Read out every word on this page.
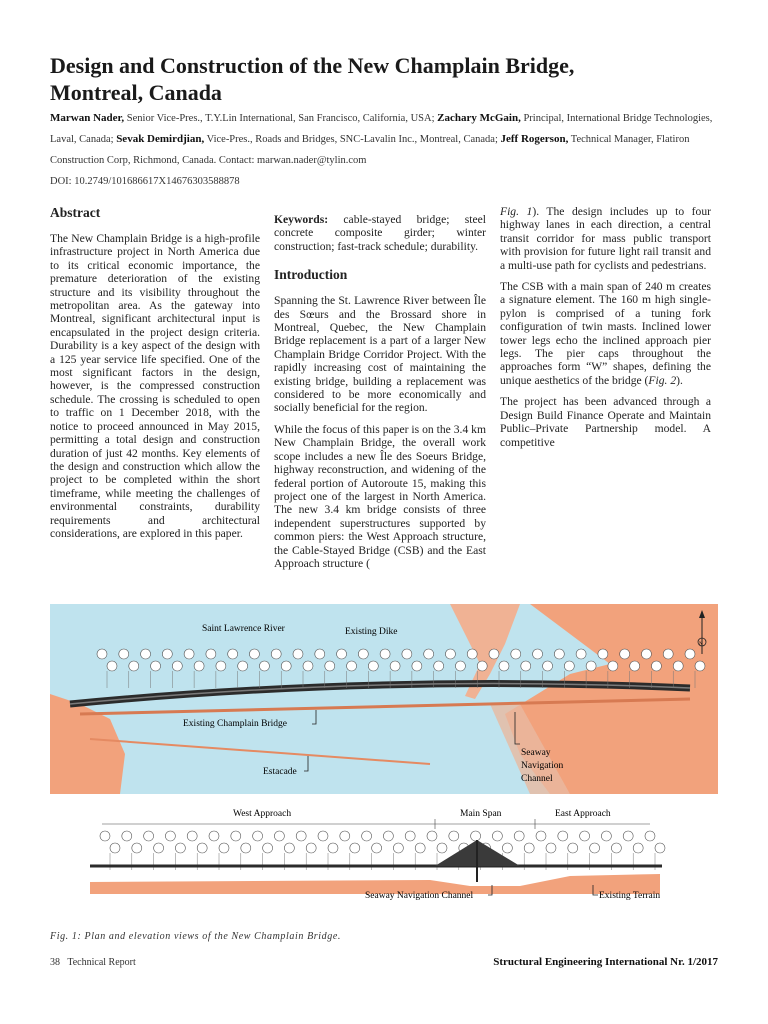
Design and Construction of the New Champlain Bridge,
Montreal, Canada
Marwan Nader, Senior Vice-Pres., T.Y.Lin International, San Francisco, California, USA; Zachary McGain, Principal, International Bridge Technologies, Laval, Canada; Sevak Demirdjian, Vice-Pres., Roads and Bridges, SNC-Lavalin Inc., Montreal, Canada; Jeff Rogerson, Technical Manager, Flatiron Construction Corp, Richmond, Canada. Contact: marwan.nader@tylin.com
DOI: 10.2749/101686617X14676303588878
Abstract

The New Champlain Bridge is a high-profile infrastructure project in North America due to its critical economic importance, the premature deterioration of the existing structure and its visibility throughout the metropolitan area. As the gateway into Montreal, significant architectural input is encapsulated in the project design criteria. Durability is a key aspect of the design with a 125 year service life specified. One of the most significant factors in the design, however, is the compressed construction schedule. The crossing is scheduled to open to traffic on 1 December 2018, with the notice to proceed announced in May 2015, permitting a total design and construction duration of just 42 months. Key elements of the design and construction which allow the project to be completed within the short timeframe, while meeting the challenges of environmental constraints, durability requirements and architectural considerations, are explored in this paper.

Keywords: cable-stayed bridge; steel concrete composite girder; winter construction; fast-track schedule; durability.

Introduction

Spanning the St. Lawrence River between Île des Sœurs and the Brossard shore in Montreal, Quebec, the New Champlain Bridge replacement is a part of a larger New Champlain Bridge Corridor Project. With the rapidly increasing cost of maintaining the existing bridge, building a replacement was considered to be more economically and socially beneficial for the region.

While the focus of this paper is on the 3.4 km New Champlain Bridge, the overall work scope includes a new Île des Soeurs Bridge, highway reconstruction, and widening of the federal portion of Autoroute 15, making this project one of the largest in North America. The new 3.4 km bridge consists of three independent superstructures supported by common piers: the West Approach structure, the Cable-Stayed Bridge (CSB) and the East Approach structure (

Fig. 1). The design includes up to four highway lanes in each direction, a central transit corridor for mass public transport with provision for future light rail transit and a multi-use path for cyclists and pedestrians.

The CSB with a main span of 240 m creates a signature element. The 160 m high single-pylon is comprised of a tuning fork configuration of twin masts. Inclined lower tower legs echo the inclined approach pier legs. The pier caps throughout the approaches form “W” shapes, defining the unique aesthetics of the bridge (Fig. 2).

The project has been advanced through a Design Build Finance Operate and Maintain Public–Private Partnership model. A competitive

Saint Lawrence River	Existing Dike
Existing Champlain Bridge
Estacade
Seaway
Navigation
Channel
N
West Approach	Main Span	East Approach
Seaway Navigation Channel	Existing Terrain
Fig. 1: Plan and elevation views of the New Champlain Bridge.
38 Technical Report	Structural Engineering International Nr. 1/2017
